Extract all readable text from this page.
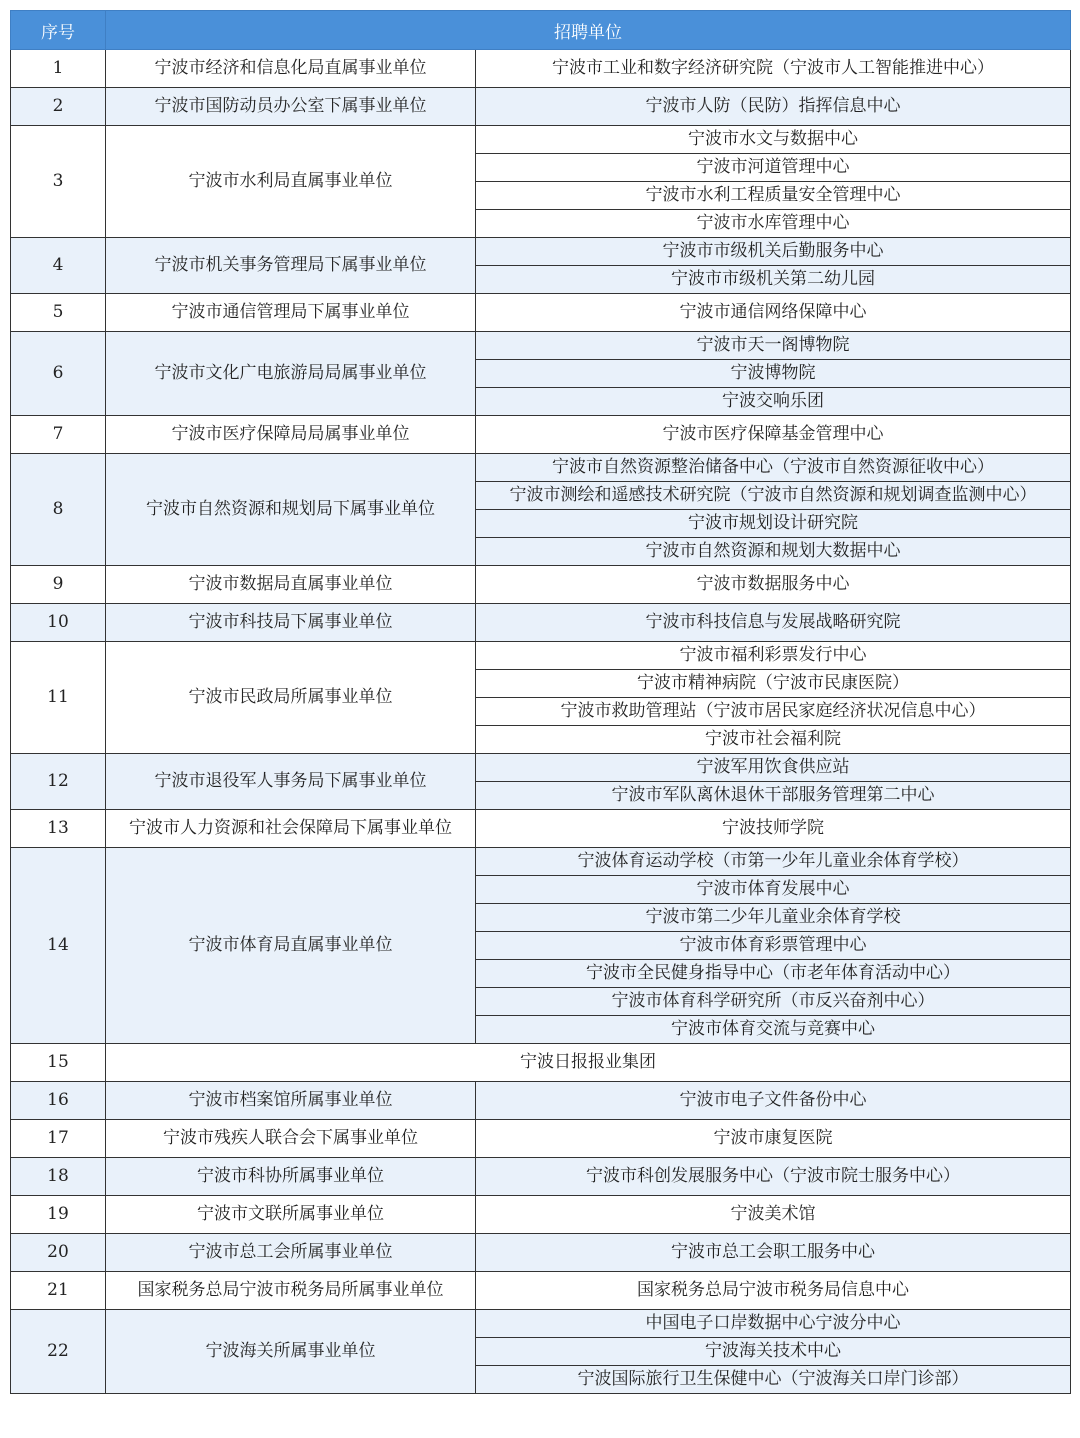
序号	招聘单位	
1	宁波市经济和信息化局直属事业单位	宁波市工业和数字经济研究院（宁波市人工智能推进中心）
2	宁波市国防动员办公室下属事业单位	宁波市人防（民防）指挥信息中心
3	宁波市水利局直属事业单位	宁波市水文与数据中心
		宁波市河道管理中心
		宁波市水利工程质量安全管理中心
		宁波市水库管理中心
4	宁波市机关事务管理局下属事业单位	宁波市市级机关后勤服务中心
		宁波市市级机关第二幼儿园
5	宁波市通信管理局下属事业单位	宁波市通信网络保障中心
6	宁波市文化广电旅游局局属事业单位	宁波市天一阁博物院
		宁波博物院
		宁波交响乐团
7	宁波市医疗保障局局属事业单位	宁波市医疗保障基金管理中心
8	宁波市自然资源和规划局下属事业单位	宁波市自然资源整治储备中心（宁波市自然资源征收中心）
		宁波市测绘和遥感技术研究院（宁波市自然资源和规划调查监测中心）
		宁波市规划设计研究院
		宁波市自然资源和规划大数据中心
9	宁波市数据局直属事业单位	宁波市数据服务中心
10	宁波市科技局下属事业单位	宁波市科技信息与发展战略研究院
11	宁波市民政局所属事业单位	宁波市福利彩票发行中心
		宁波市精神病院（宁波市民康医院）
		宁波市救助管理站（宁波市居民家庭经济状况信息中心）
		宁波市社会福利院
12	宁波市退役军人事务局下属事业单位	宁波军用饮食供应站
		宁波市军队离休退休干部服务管理第二中心
13	宁波市人力资源和社会保障局下属事业单位	宁波技师学院
14	宁波市体育局直属事业单位	宁波体育运动学校（市第一少年儿童业余体育学校）
		宁波市体育发展中心
		宁波市第二少年儿童业余体育学校
		宁波市体育彩票管理中心
		宁波市全民健身指导中心（市老年体育活动中心）
		宁波市体育科学研究所（市反兴奋剂中心）
		宁波市体育交流与竞赛中心
15	宁波日报报业集团	
16	宁波市档案馆所属事业单位	宁波市电子文件备份中心
17	宁波市残疾人联合会下属事业单位	宁波市康复医院
18	宁波市科协所属事业单位	宁波市科创发展服务中心（宁波市院士服务中心）
19	宁波市文联所属事业单位	宁波美术馆
20	宁波市总工会所属事业单位	宁波市总工会职工服务中心
21	国家税务总局宁波市税务局所属事业单位	国家税务总局宁波市税务局信息中心
22	宁波海关所属事业单位	中国电子口岸数据中心宁波分中心
		宁波海关技术中心
		宁波国际旅行卫生保健中心（宁波海关口岸门诊部）
